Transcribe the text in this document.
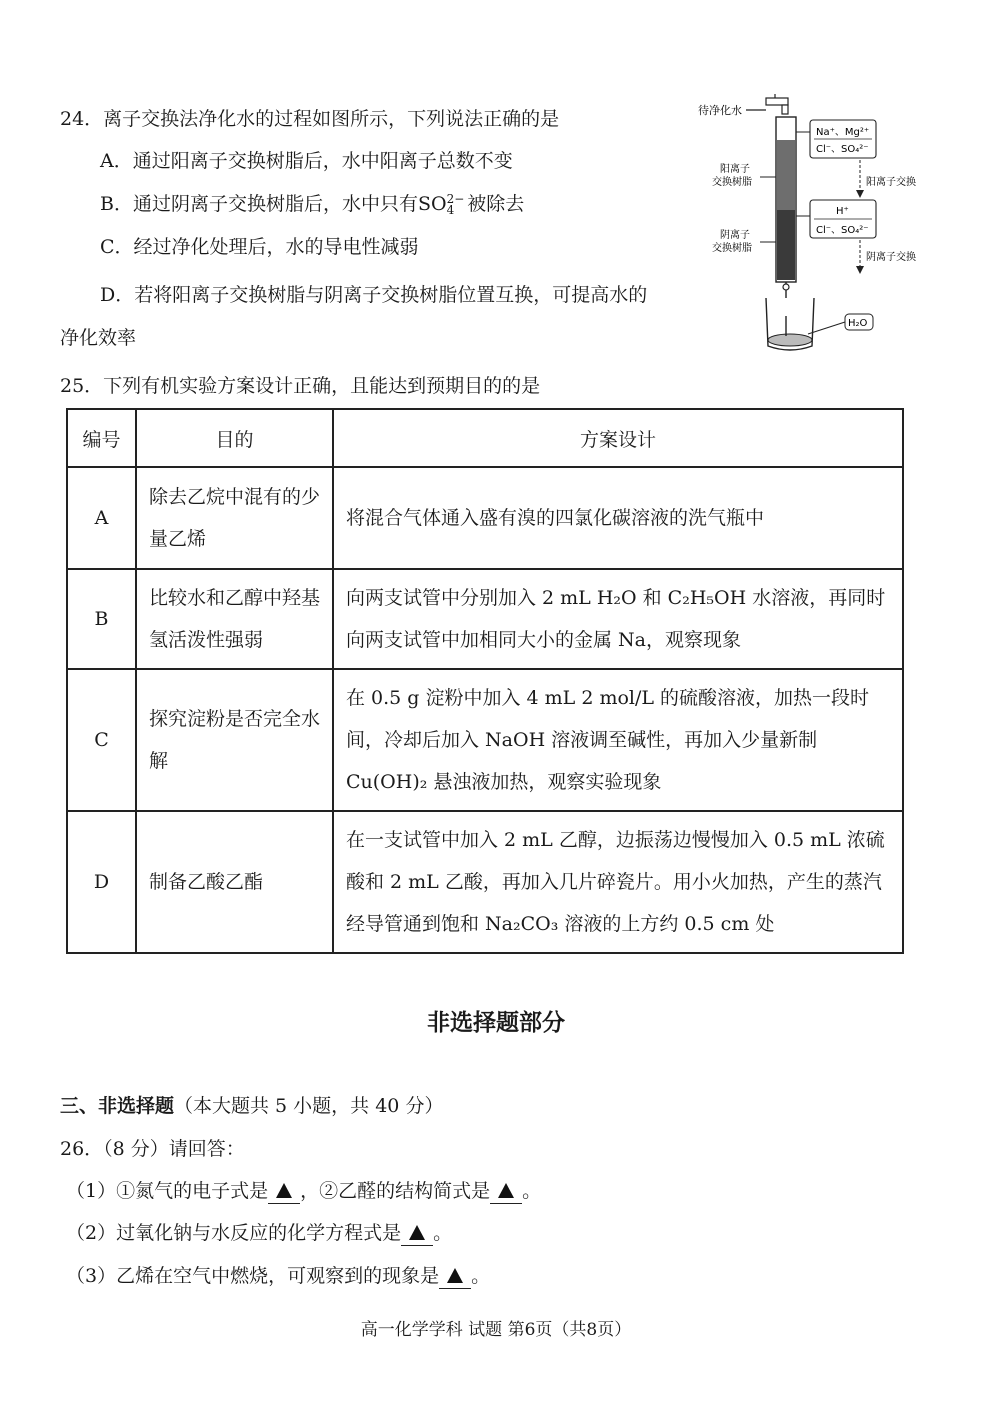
24．离子交换法净化水的过程如图所示，下列说法正确的是
A．通过阳离子交换树脂后，水中阳离子总数不变
B．通过阴离子交换树脂后，水中只有SO 2−
4 被除去
C．经过净化处理后，水的导电性减弱
D．若将阳离子交换树脂与阴离子交换树脂位置互换，可提高水的
净化效率
待净化水
H₂O
阳离子
交换树脂
阴离子
交换树脂
Na⁺、Mg²⁺
Cl⁻、SO₄²⁻
阳离子交换
H⁺
Cl⁻、SO₄²⁻
阴离子交换
25．下列有机实验方案设计正确，且能达到预期目的的是
编号	目的	方案设计
A	除去乙烷中混有的少量乙烯	将混合气体通入盛有溴的四氯化碳溶液的洗气瓶中
B	比较水和乙醇中羟基氢活泼性强弱	向两支试管中分别加入 2 mL H₂O 和 C₂H₅OH 水溶液，再同时向两支试管中加相同大小的金属 Na，观察现象
C	探究淀粉是否完全水解	在 0.5 g 淀粉中加入 4 mL 2 mol/L 的硫酸溶液，加热一段时间，冷却后加入 NaOH 溶液调至碱性，再加入少量新制 Cu(OH)₂ 悬浊液加热，观察实验现象
D	制备乙酸乙酯	在一支试管中加入 2 mL 乙醇，边振荡边慢慢加入 0.5 mL 浓硫酸和 2 mL 乙酸，再加入几片碎瓷片。用小火加热，产生的蒸汽经导管通到饱和 Na₂CO₃ 溶液的上方约 0.5 cm 处
非选择题部分
三、非选择题（本大题共 5 小题，共 40 分）
26．（8 分）请回答：
（1）①氮气的电子式是 ，②乙醛的结构简式是 。
（2）过氧化钠与水反应的化学方程式是 。
（3）乙烯在空气中燃烧，可观察到的现象是 。
高一化学学科 试题 第6页（共8页）
